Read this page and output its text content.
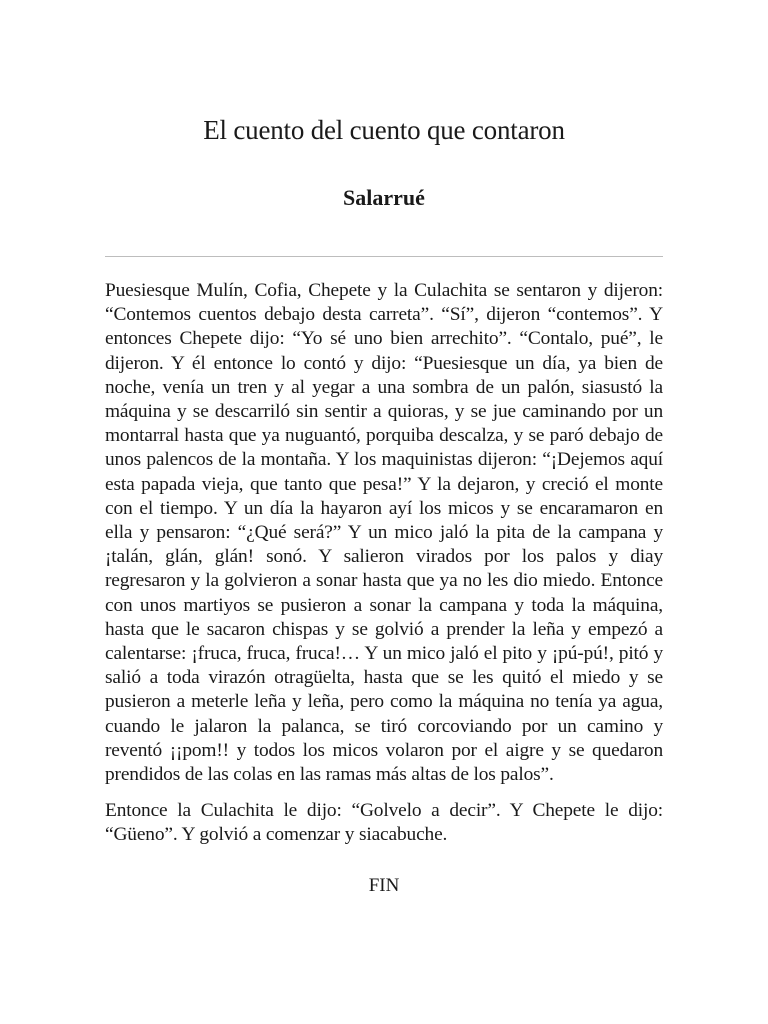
El cuento del cuento que contaron
Salarrué

Puesiesque Mulín, Cofia, Chepete y la Culachita se sentaron y dijeron: “Contemos cuentos debajo desta carreta”. “Sí”, dijeron “contemos”. Y entonces Chepete dijo: “Yo sé uno bien arrechito”. “Contalo, pué”, le dijeron. Y él entonce lo contó y dijo: “Puesiesque un día, ya bien de noche, venía un tren y al yegar a una sombra de un palón, siasustó la máquina y se descarriló sin sentir a quioras, y se jue caminando por un montarral hasta que ya nuguantó, porquiba descalza, y se paró debajo de unos palencos de la montaña. Y los maquinistas dijeron: “¡Dejemos aquí esta papada vieja, que tanto que pesa!” Y la dejaron, y creció el monte con el tiempo. Y un día la hayaron ayí los micos y se encaramaron en ella y pensaron: “¿Qué será?” Y un mico jaló la pita de la campana y ¡talán, glán, glán! sonó. Y salieron virados por los palos y diay regresaron y la golvieron a sonar hasta que ya no les dio miedo. Entonce con unos martiyos se pusieron a sonar la campana y toda la máquina, hasta que le sacaron chispas y se golvió a prender la leña y empezó a calentarse: ¡fruca, fruca, fruca!… Y un mico jaló el pito y ¡pú-pú!, pitó y salió a toda virazón otragüelta, hasta que se les quitó el miedo y se pusieron a meterle leña y leña, pero como la máquina no tenía ya agua, cuando le jalaron la palanca, se tiró corcoviando por un camino y reventó ¡¡pom!! y todos los micos volaron por el aigre y se quedaron prendidos de las colas en las ramas más altas de los palos”.

Entonce la Culachita le dijo: “Golvelo a decir”. Y Chepete le dijo: “Güeno”. Y golvió a comenzar y siacabuche.

FIN
